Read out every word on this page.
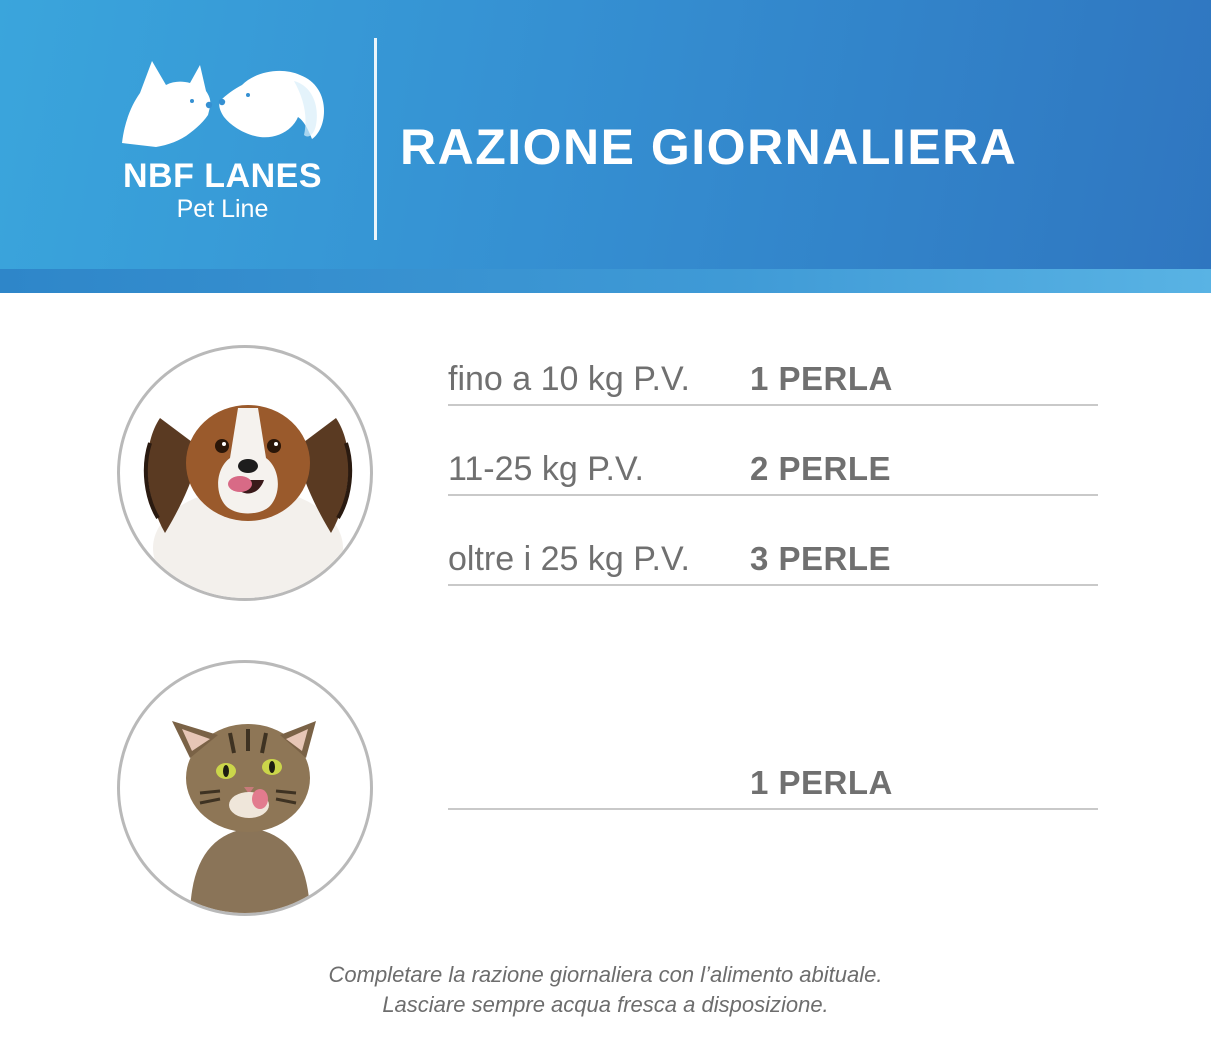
NBF LANES
Pet Line
RAZIONE GIORNALIERA
fino a 10 kg P.V. 1 PERLA
11-25 kg P.V.	2 PERLE
oltre i 25 kg P.V. 3 PERLE
1 PERLA
Completare la razione giornaliera con l’alimento abituale.
Lasciare sempre acqua fresca a disposizione.
